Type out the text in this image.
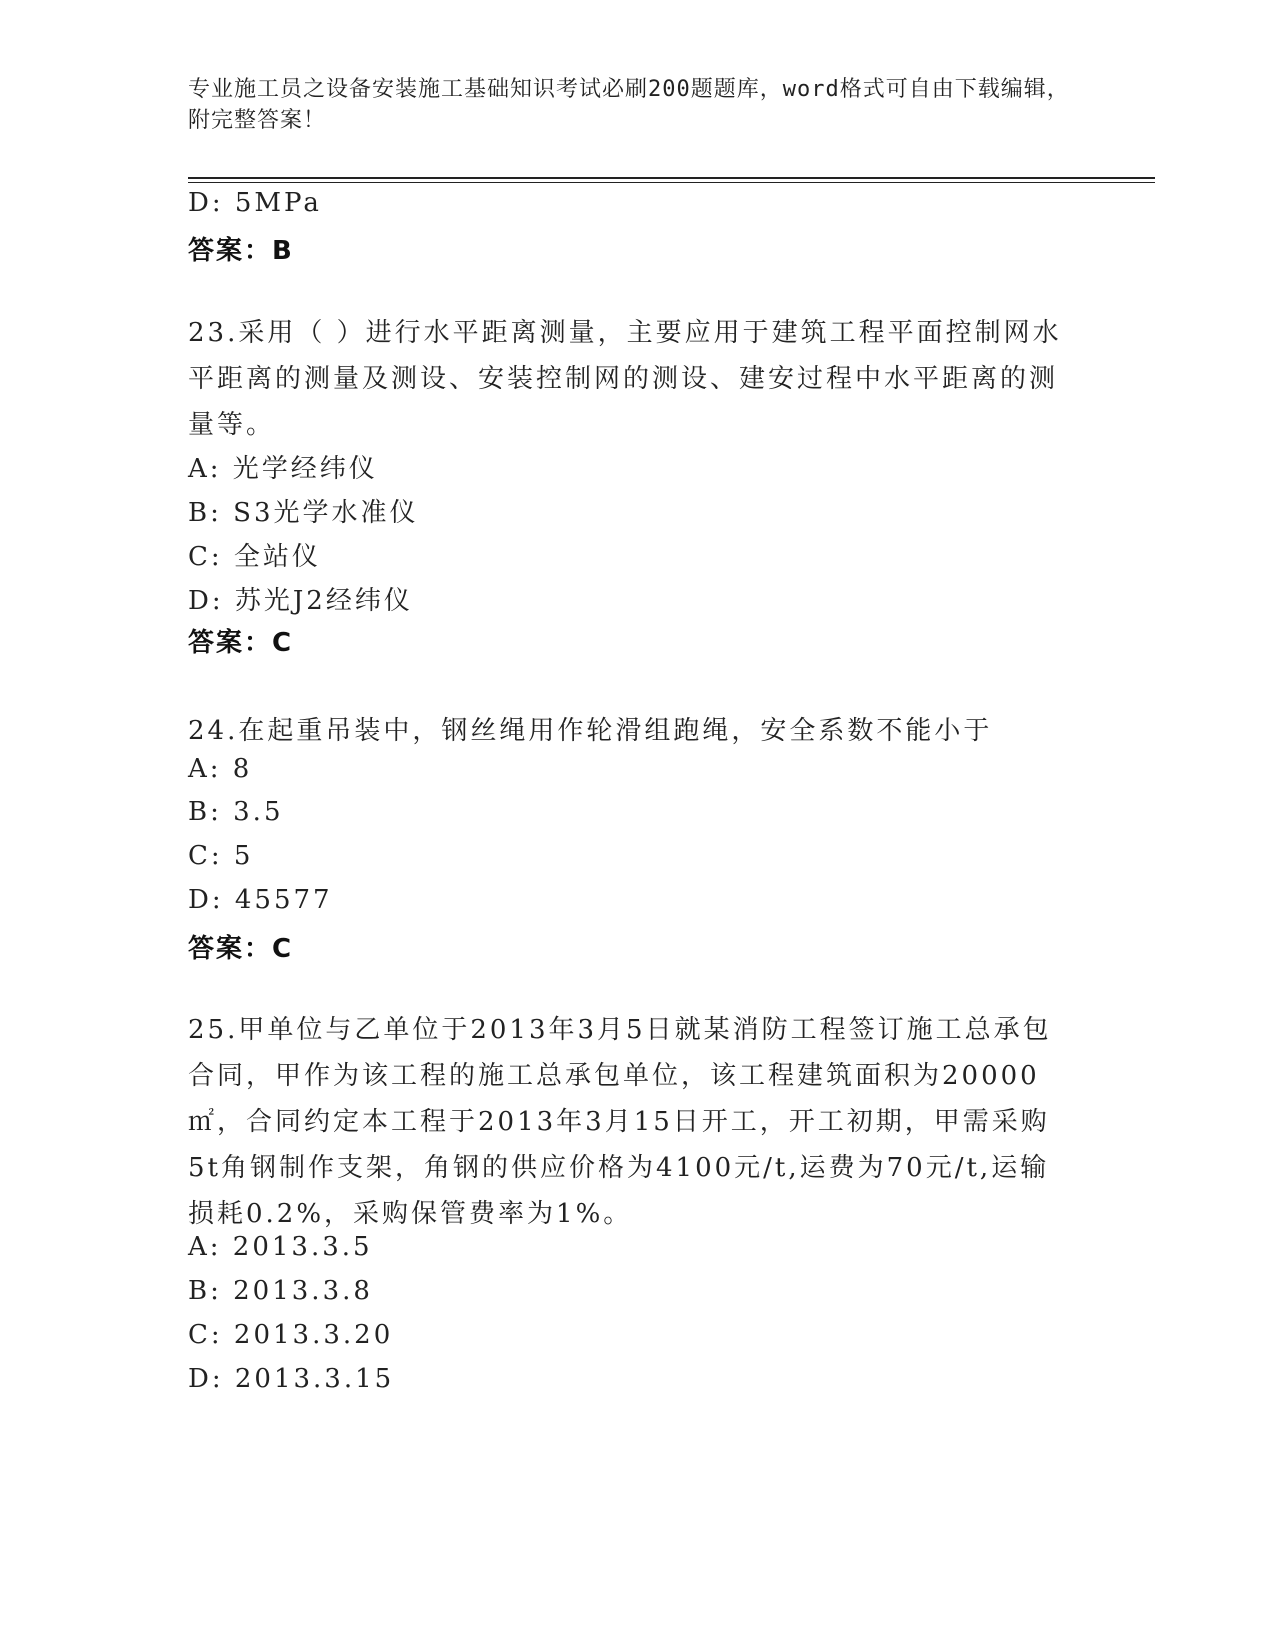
专业施工员之设备安装施工基础知识考试必刷200题题库，word格式可自由下载编辑，附完整答案！
D: 5MPa
答案：B
23.采用（ ）进行水平距离测量，主要应用于建筑工程平面控制网水平距离的测量及测设、安装控制网的测设、建安过程中水平距离的测量等。
A: 光学经纬仪
B: S3光学水准仪
C: 全站仪
D: 苏光J2经纬仪
答案：C
24.在起重吊装中，钢丝绳用作轮滑组跑绳，安全系数不能小于
A: 8
B: 3.5
C: 5
D: 45577
答案：C
25.甲单位与乙单位于2013年3月5日就某消防工程签订施工总承包合同，甲作为该工程的施工总承包单位，该工程建筑面积为20000㎡，合同约定本工程于2013年3月15日开工，开工初期，甲需采购5t角钢制作支架，角钢的供应价格为4100元/t,运费为70元/t,运输损耗0.2%，采购保管费率为1%。
A: 2013.3.5
B: 2013.3.8
C: 2013.3.20
D: 2013.3.15
